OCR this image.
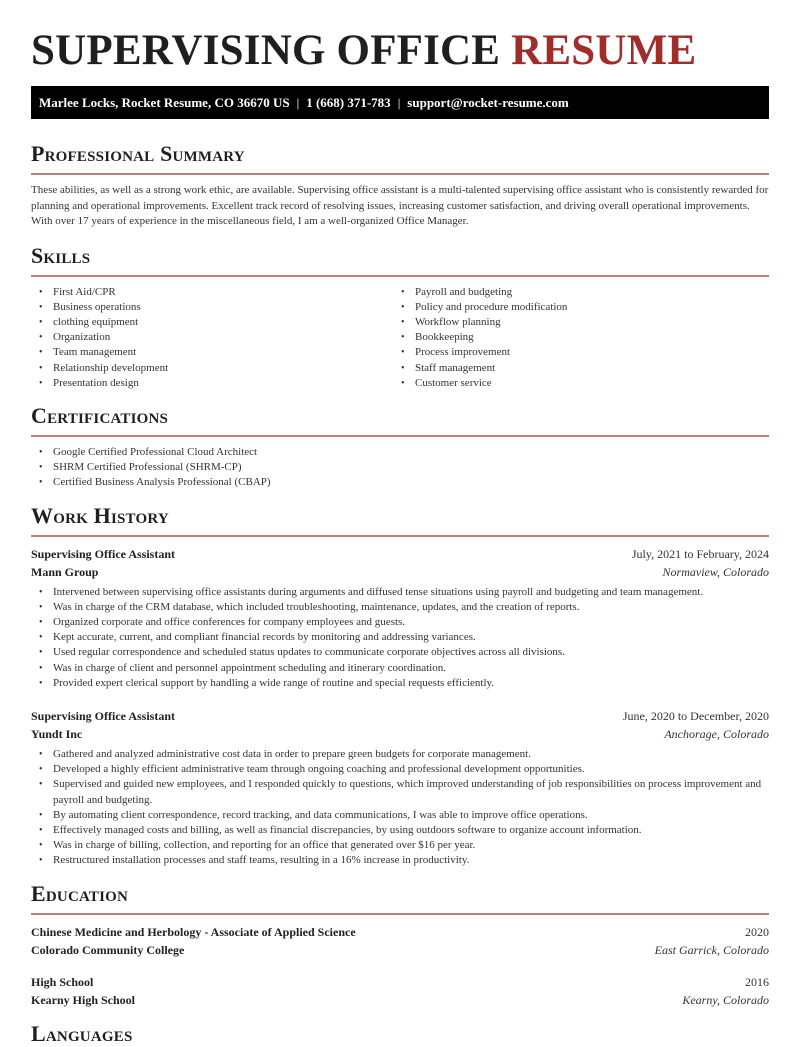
SUPERVISING OFFICE RESUME
Marlee Locks, Rocket Resume, CO 36670 US | 1 (668) 371-783 | support@rocket-resume.com
Professional Summary

These abilities, as well as a strong work ethic, are available. Supervising office assistant is a multi-talented supervising office assistant who is consistently rewarded for planning and operational improvements. Excellent track record of resolving issues, increasing customer satisfaction, and driving overall operational improvements. With over 17 years of experience in the miscellaneous field, I am a well-organized Office Manager.

Skills
• First Aid/CPR
• Business operations
• clothing equipment
• Organization
• Team management
• Relationship development
• Presentation design
• Payroll and budgeting
• Policy and procedure modification
• Workflow planning
• Bookkeeping
• Process improvement
• Staff management
• Customer service
Certifications
• Google Certified Professional Cloud Architect
• SHRM Certified Professional (SHRM-CP)
• Certified Business Analysis Professional (CBAP)
Work History
Supervising Office Assistant	July, 2021 to February, 2024
Mann Group	Normaview, Colorado
• Intervened between supervising office assistants during arguments and diffused tense situations using payroll and budgeting and team management.
• Was in charge of the CRM database, which included troubleshooting, maintenance, updates, and the creation of reports.
• Organized corporate and office conferences for company employees and guests.
• Kept accurate, current, and compliant financial records by monitoring and addressing variances.
• Used regular correspondence and scheduled status updates to communicate corporate objectives across all divisions.
• Was in charge of client and personnel appointment scheduling and itinerary coordination.
• Provided expert clerical support by handling a wide range of routine and special requests efficiently.
Supervising Office Assistant	June, 2020 to December, 2020
Yundt Inc	Anchorage, Colorado
• Gathered and analyzed administrative cost data in order to prepare green budgets for corporate management.
• Developed a highly efficient administrative team through ongoing coaching and professional development opportunities.
• Supervised and guided new employees, and I responded quickly to questions, which improved understanding of job responsibilities on process improvement and payroll and budgeting.
• By automating client correspondence, record tracking, and data communications, I was able to improve office operations.
• Effectively managed costs and billing, as well as financial discrepancies, by using outdoors software to organize account information.
• Was in charge of billing, collection, and reporting for an office that generated over $16 per year.
• Restructured installation processes and staff teams, resulting in a 16% increase in productivity.
Education
Chinese Medicine and Herbology - Associate of Applied Science	2020
Colorado Community College	East Garrick, Colorado
High School	2016
Kearny High School	Kearny, Colorado
Languages
